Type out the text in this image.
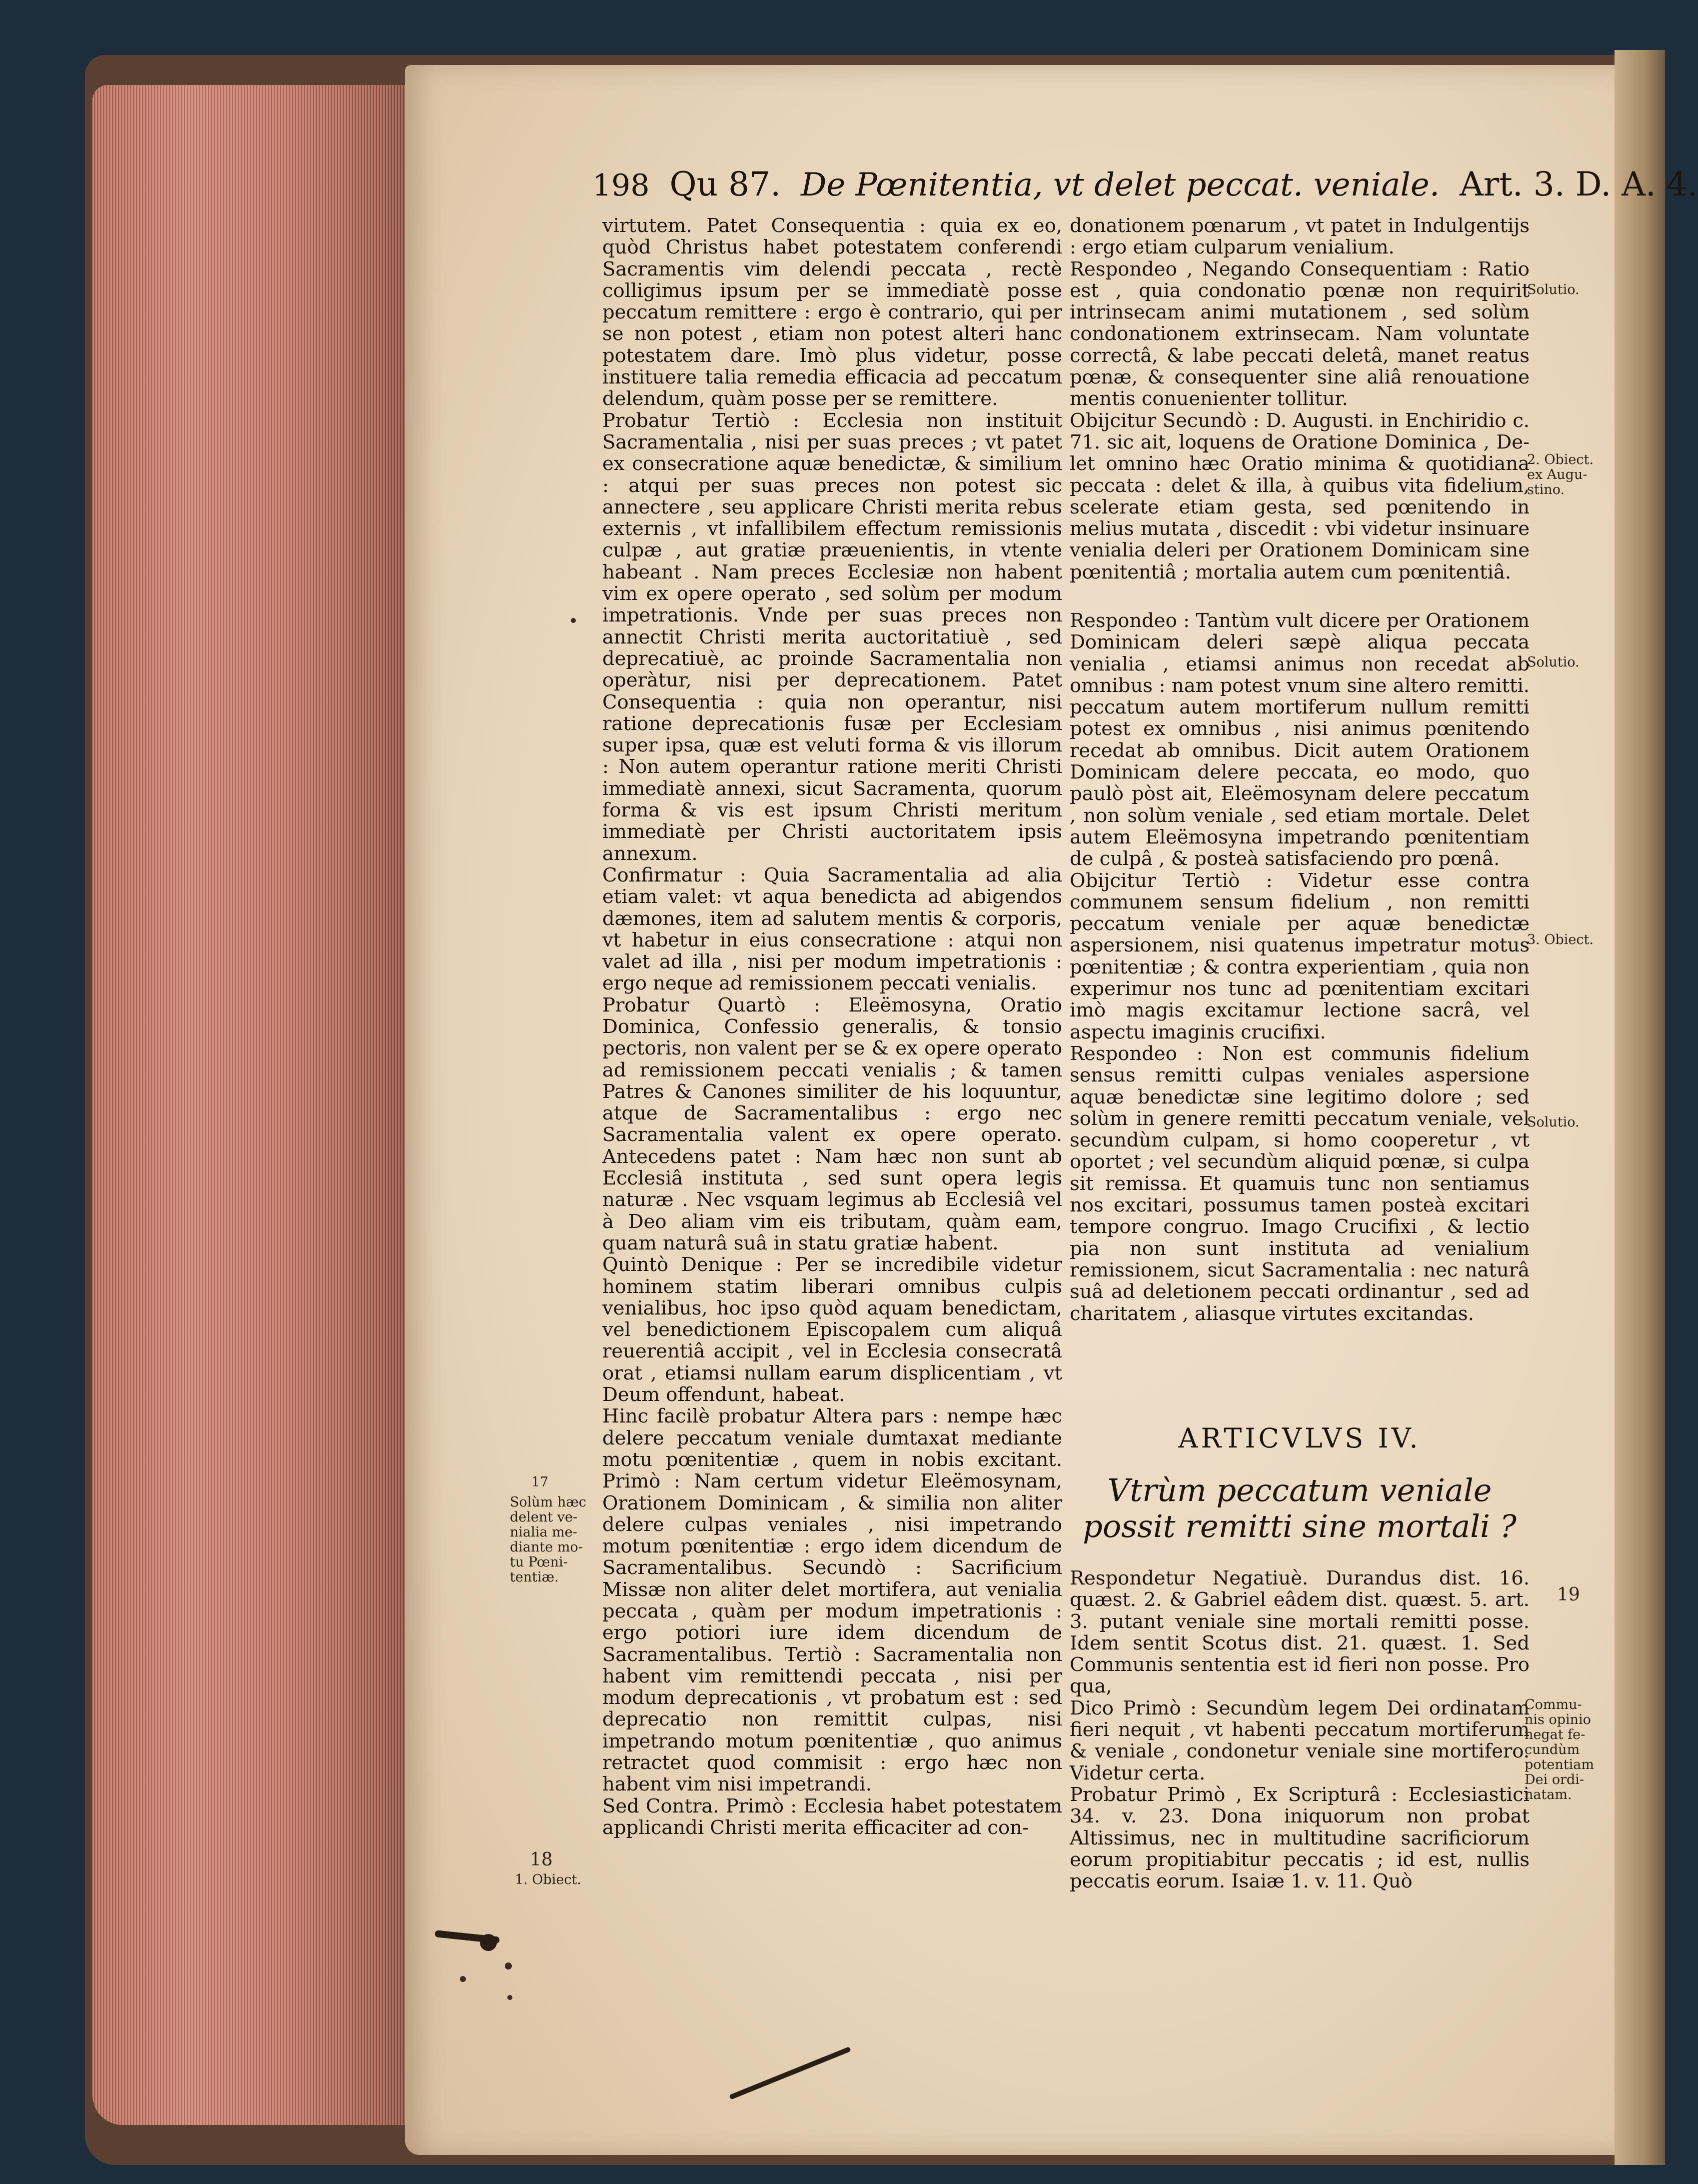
198 Qu 87. De Pœnitentia, vt delet peccat. veniale. Art. 3. D. A. 4.
virtutem. Patet Consequentia : quia ex eo, quòd Christus habet potestatem conferendi Sacramentis vim delendi peccata , rectè colligimus ipsum per se immediatè posse peccatum remittere : ergo è contrario, qui per se non potest , etiam non potest alteri hanc potestatem dare. Imò plus videtur, posse instituere talia remedia efficacia ad peccatum delendum, quàm posse per se remittere.
Probatur Tertiò : Ecclesia non instituit Sacramentalia , nisi per suas preces ; vt patet ex consecratione aquæ benedictæ, & similium : atqui per suas preces non potest sic annectere , seu applicare Christi merita rebus externis , vt infallibilem effectum remissionis culpæ , aut gratiæ præuenientis, in vtente habeant . Nam preces Ecclesiæ non habent vim ex opere operato , sed solùm per modum impetrationis. Vnde per suas preces non annectit Christi merita auctoritatiuè , sed deprecatiuè, ac proinde Sacramentalia non operàtur, nisi per deprecationem. Patet Consequentia : quia non operantur, nisi ratione deprecationis fusæ per Ecclesiam super ipsa, quæ est veluti forma & vis illorum : Non autem operantur ratione meriti Christi immediatè annexi, sicut Sacramenta, quorum forma & vis est ipsum Christi meritum immediatè per Christi auctoritatem ipsis annexum.
Confirmatur : Quia Sacramentalia ad alia etiam valet: vt aqua benedicta ad abigendos dæmones, item ad salutem mentis & corporis, vt habetur in eius consecratione : atqui non valet ad illa , nisi per modum impetrationis : ergo neque ad remissionem peccati venialis.
Probatur Quartò : Eleëmosyna, Oratio Dominica, Confessio generalis, & tonsio pectoris, non valent per se & ex opere operato ad remissionem peccati venialis ; & tamen Patres & Canones similiter de his loquuntur, atque de Sacramentalibus : ergo nec Sacramentalia valent ex opere operato. Antecedens patet : Nam hæc non sunt ab Ecclesiâ instituta , sed sunt opera legis naturæ . Nec vsquam legimus ab Ecclesiâ vel à Deo aliam vim eis tributam, quàm eam, quam naturâ suâ in statu gratiæ habent.
Quintò Denique : Per se incredibile videtur hominem statim liberari omnibus culpis venialibus, hoc ipso quòd aquam benedictam, vel benedictionem Episcopalem cum aliquâ reuerentiâ accipit , vel in Ecclesia consecratâ orat , etiamsi nullam earum displicentiam , vt Deum offendunt, habeat.
Hinc facilè probatur Altera pars : nempe hæc delere peccatum veniale dumtaxat mediante motu pœnitentiæ , quem in nobis excitant. Primò : Nam certum videtur Eleëmosynam, Orationem Dominicam , & similia non aliter delere culpas veniales , nisi impetrando motum pœnitentiæ : ergo idem dicendum de Sacramentalibus. Secundò : Sacrificium Missæ non aliter delet mortifera, aut venialia peccata , quàm per modum impetrationis : ergo potiori iure idem dicendum de Sacramentalibus. Tertiò : Sacramentalia non habent vim remittendi peccata , nisi per modum deprecationis , vt probatum est : sed deprecatio non remittit culpas, nisi impetrando motum pœnitentiæ , quo animus retractet quod commisit : ergo hæc non habent vim nisi impetrandi.
Sed Contra. Primò : Ecclesia habet potestatem applicandi Christi merita efficaciter ad con-
donationem pœnarum , vt patet in Indulgentijs : ergo etiam culparum venialium.
Respondeo , Negando Consequentiam : Ratio est , quia condonatio pœnæ non requirit intrinsecam animi mutationem , sed solùm condonationem extrinsecam. Nam voluntate correctâ, & labe peccati deletâ, manet reatus pœnæ, & consequenter sine aliâ renouatione mentis conuenienter tollitur.
Obijcitur Secundò : D. Augusti. in Enchiridio c. 71. sic ait, loquens de Oratione Dominica , De-let omnino hæc Oratio minima & quotidiana peccata : delet & illa, à quibus vita fidelium, scelerate etiam gesta, sed pœnitendo in melius mutata , discedit : vbi videtur insinuare venialia deleri per Orationem Dominicam sine pœnitentiâ ; mortalia autem cum pœnitentiâ.
Respondeo : Tantùm vult dicere per Orationem Dominicam deleri sæpè aliqua peccata venialia , etiamsi animus non recedat ab omnibus : nam potest vnum sine altero remitti. peccatum autem mortiferum nullum remitti potest ex omnibus , nisi animus pœnitendo recedat ab omnibus. Dicit autem Orationem Dominicam delere peccata, eo modo, quo paulò pòst ait, Eleëmosynam delere peccatum , non solùm veniale , sed etiam mortale. Delet autem Eleëmosyna impetrando pœnitentiam de culpâ , & posteà satisfaciendo pro pœnâ.
Obijcitur Tertiò : Videtur esse contra communem sensum fidelium , non remitti peccatum veniale per aquæ benedictæ aspersionem, nisi quatenus impetratur motus pœnitentiæ ; & contra experientiam , quia non experimur nos tunc ad pœnitentiam excitari imò magis excitamur lectione sacrâ, vel aspectu imaginis crucifixi.
Respondeo : Non est communis fidelium sensus remitti culpas veniales aspersione aquæ benedictæ sine legitimo dolore ; sed solùm in genere remitti peccatum veniale, vel secundùm culpam, si homo cooperetur , vt oportet ; vel secundùm aliquid pœnæ, si culpa sit remissa. Et quamuis tunc non sentiamus nos excitari, possumus tamen posteà excitari tempore congruo. Imago Crucifixi , & lectio pia non sunt instituta ad venialium remissionem, sicut Sacramentalia : nec naturâ suâ ad deletionem peccati ordinantur , sed ad charitatem , aliasque virtutes excitandas.
ARTICVLVS IV.
Vtrùm peccatum veniale possit remitti sine mortali ?
Respondetur Negatiuè. Durandus dist. 16. quæst. 2. & Gabriel eâdem dist. quæst. 5. art. 3. putant veniale sine mortali remitti posse. Idem sentit Scotus dist. 21. quæst. 1. Sed Communis sententia est id fieri non posse. Pro qua,
Dico Primò : Secundùm legem Dei ordinatam fieri nequit , vt habenti peccatum mortiferum & veniale , condonetur veniale sine mortifero. Videtur certa.
Probatur Primò , Ex Scripturâ : Ecclesiastici 34. v. 23. Dona iniquorum non probat Altissimus, nec in multitudine sacrificiorum eorum propitiabitur peccatis ; id est, nullis peccatis eorum. Isaiæ 1. v. 11. Quò
17
Solùm hæc
delent ve-
nialia me-
diante mo-
tu Pœni-
tentiæ.
18
1. Obiect.
Solutio.
2. Obiect.
ex Augu-
stino.
Solutio.
3. Obiect.
Solutio.
19
Commu-
nis opinio
negat fe-
cundùm
potentiam
Dei ordi-
natam.
